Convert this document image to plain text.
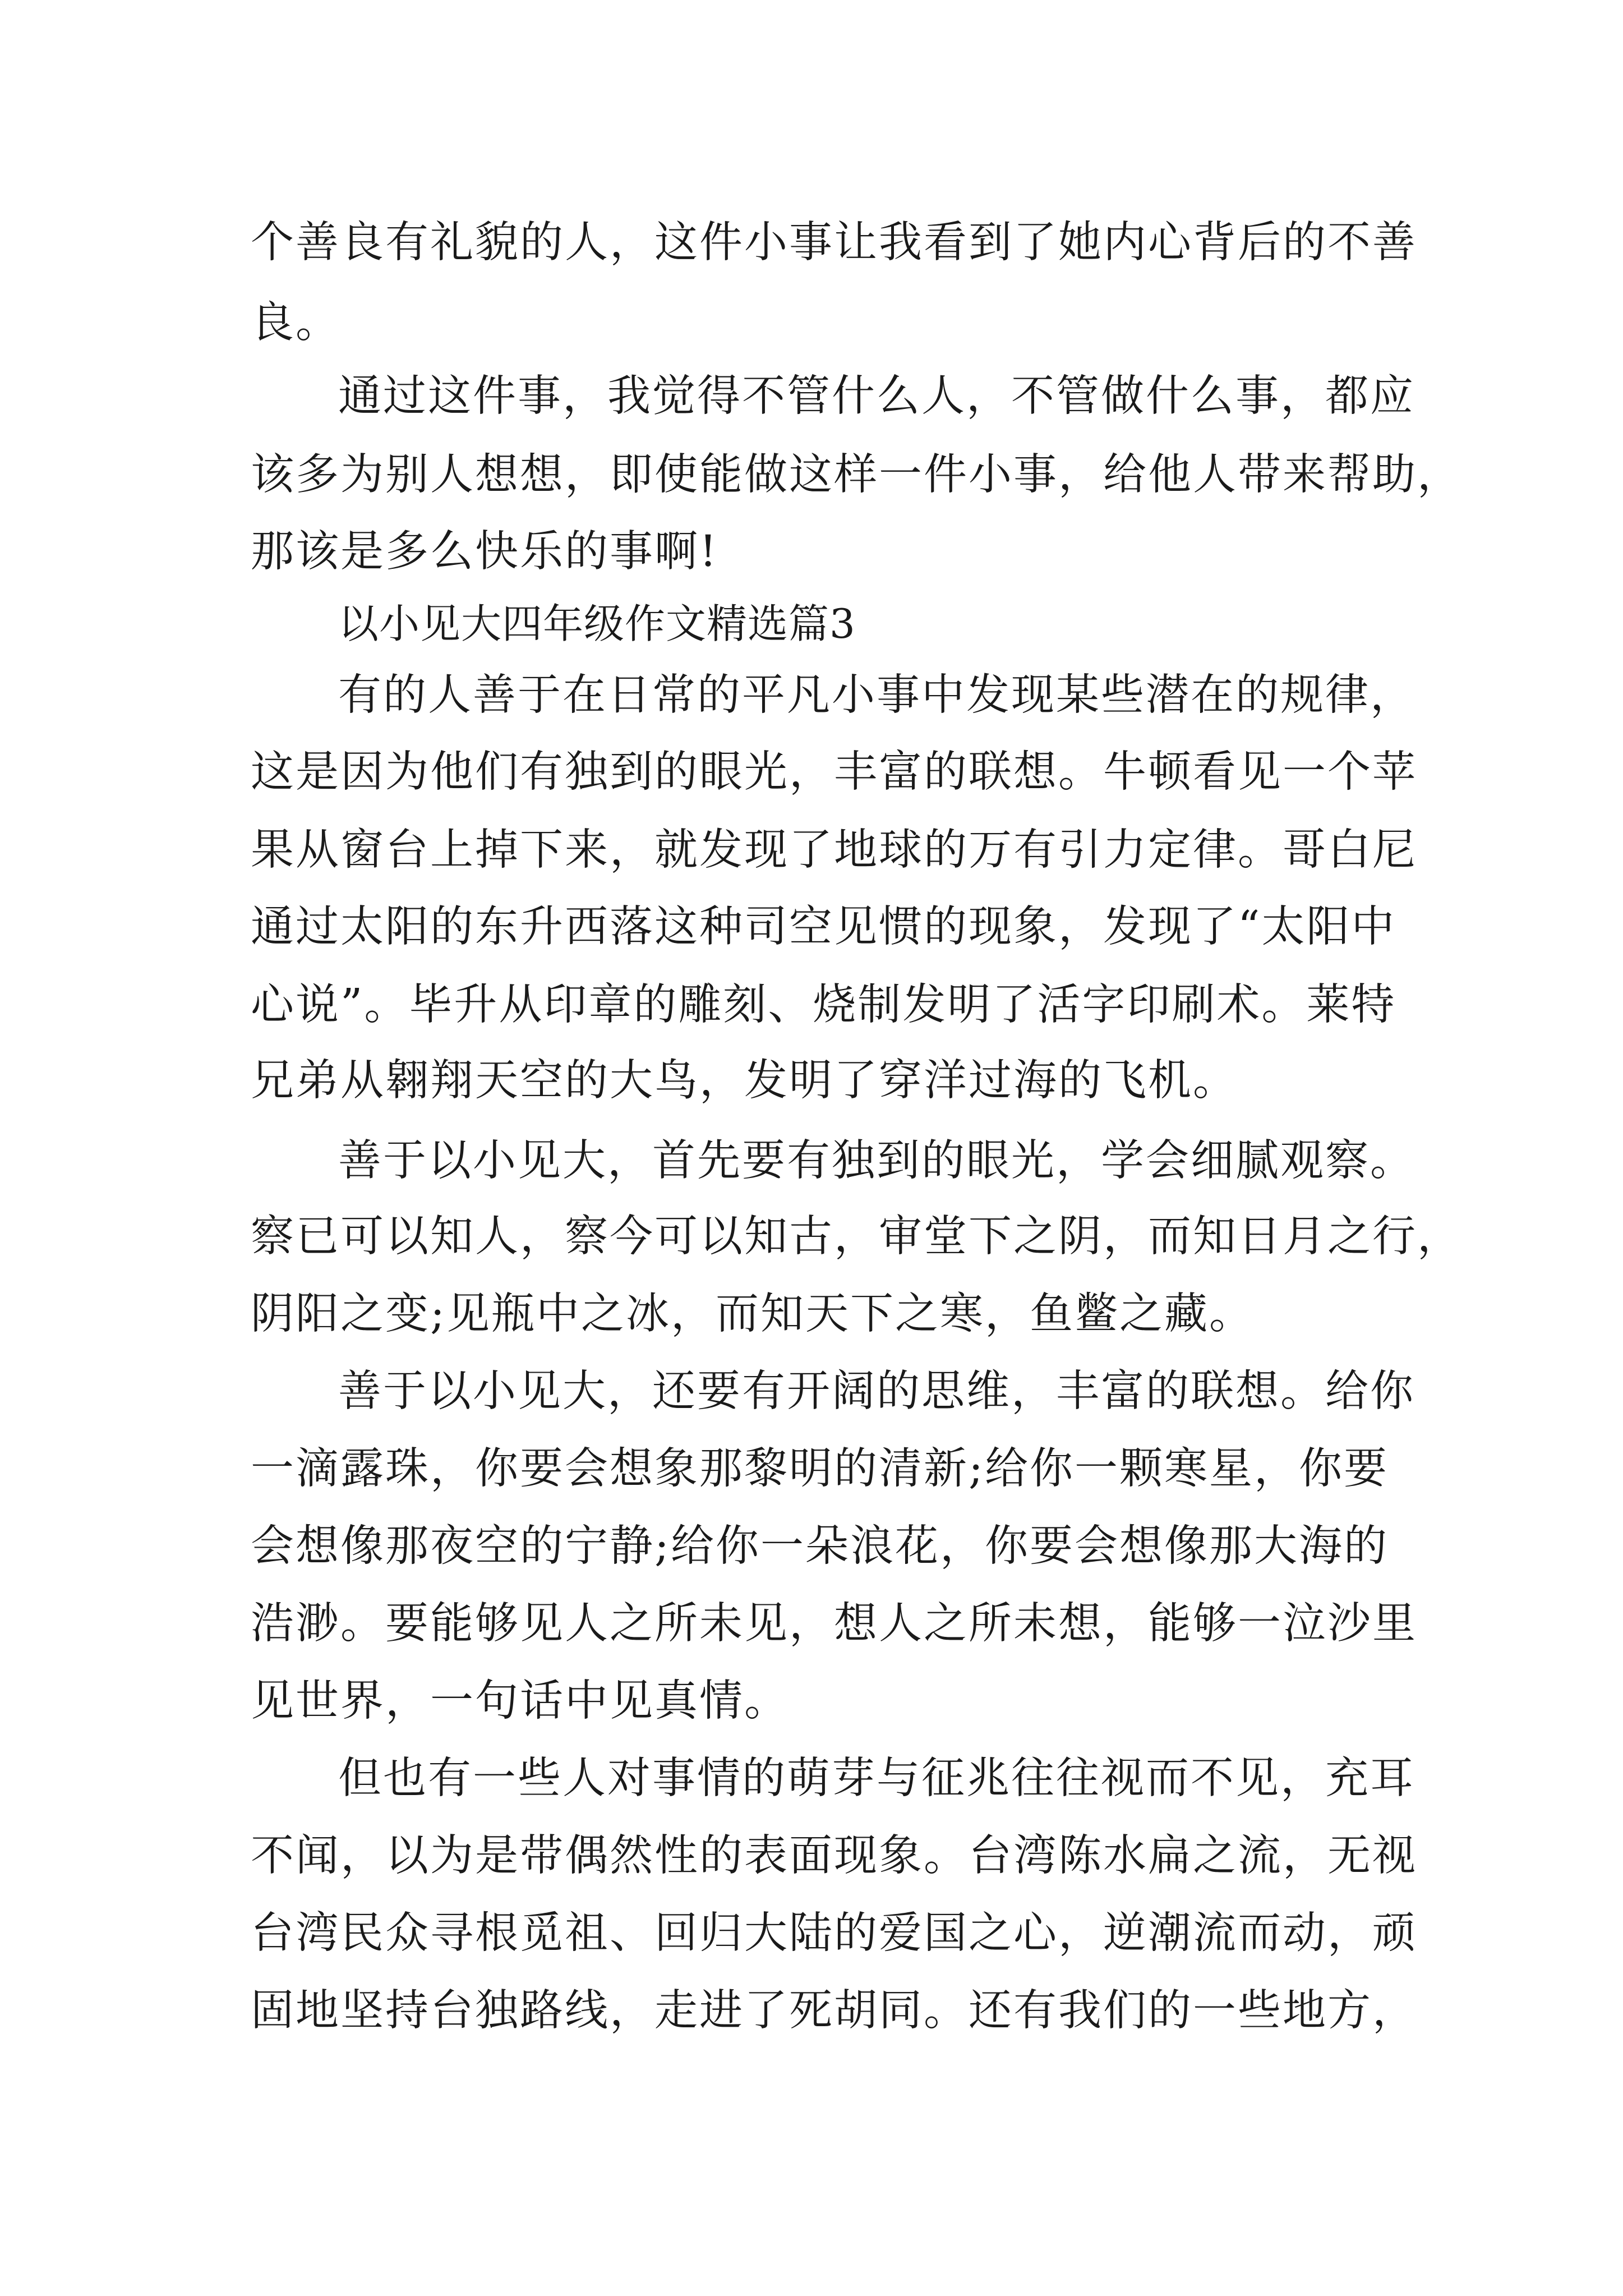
个善良有礼貌的人，这件小事让我看到了她内心背后的不善
良。
通过这件事，我觉得不管什么人，不管做什么事，都应
该多为别人想想，即使能做这样一件小事，给他人带来帮助，
那该是多么快乐的事啊!
以小见大四年级作文精选篇3
有的人善于在日常的平凡小事中发现某些潜在的规律，
这是因为他们有独到的眼光，丰富的联想。牛顿看见一个苹
果从窗台上掉下来，就发现了地球的万有引力定律。哥白尼
通过太阳的东升西落这种司空见惯的现象，发现了“太阳中
心说”。毕升从印章的雕刻、烧制发明了活字印刷术。莱特
兄弟从翱翔天空的大鸟，发明了穿洋过海的飞机。
善于以小见大，首先要有独到的眼光，学会细腻观察。
察已可以知人，察今可以知古，审堂下之阴，而知日月之行，
阴阳之变;见瓶中之冰，而知天下之寒，鱼鳖之藏。
善于以小见大，还要有开阔的思维，丰富的联想。给你
一滴露珠，你要会想象那黎明的清新;给你一颗寒星，你要
会想像那夜空的宁静;给你一朵浪花，你要会想像那大海的
浩渺。要能够见人之所未见，想人之所未想，能够一泣沙里
见世界，一句话中见真情。
但也有一些人对事情的萌芽与征兆往往视而不见，充耳
不闻，以为是带偶然性的表面现象。台湾陈水扁之流，无视
台湾民众寻根觅祖、回归大陆的爱国之心，逆潮流而动，顽
固地坚持台独路线，走进了死胡同。还有我们的一些地方，
